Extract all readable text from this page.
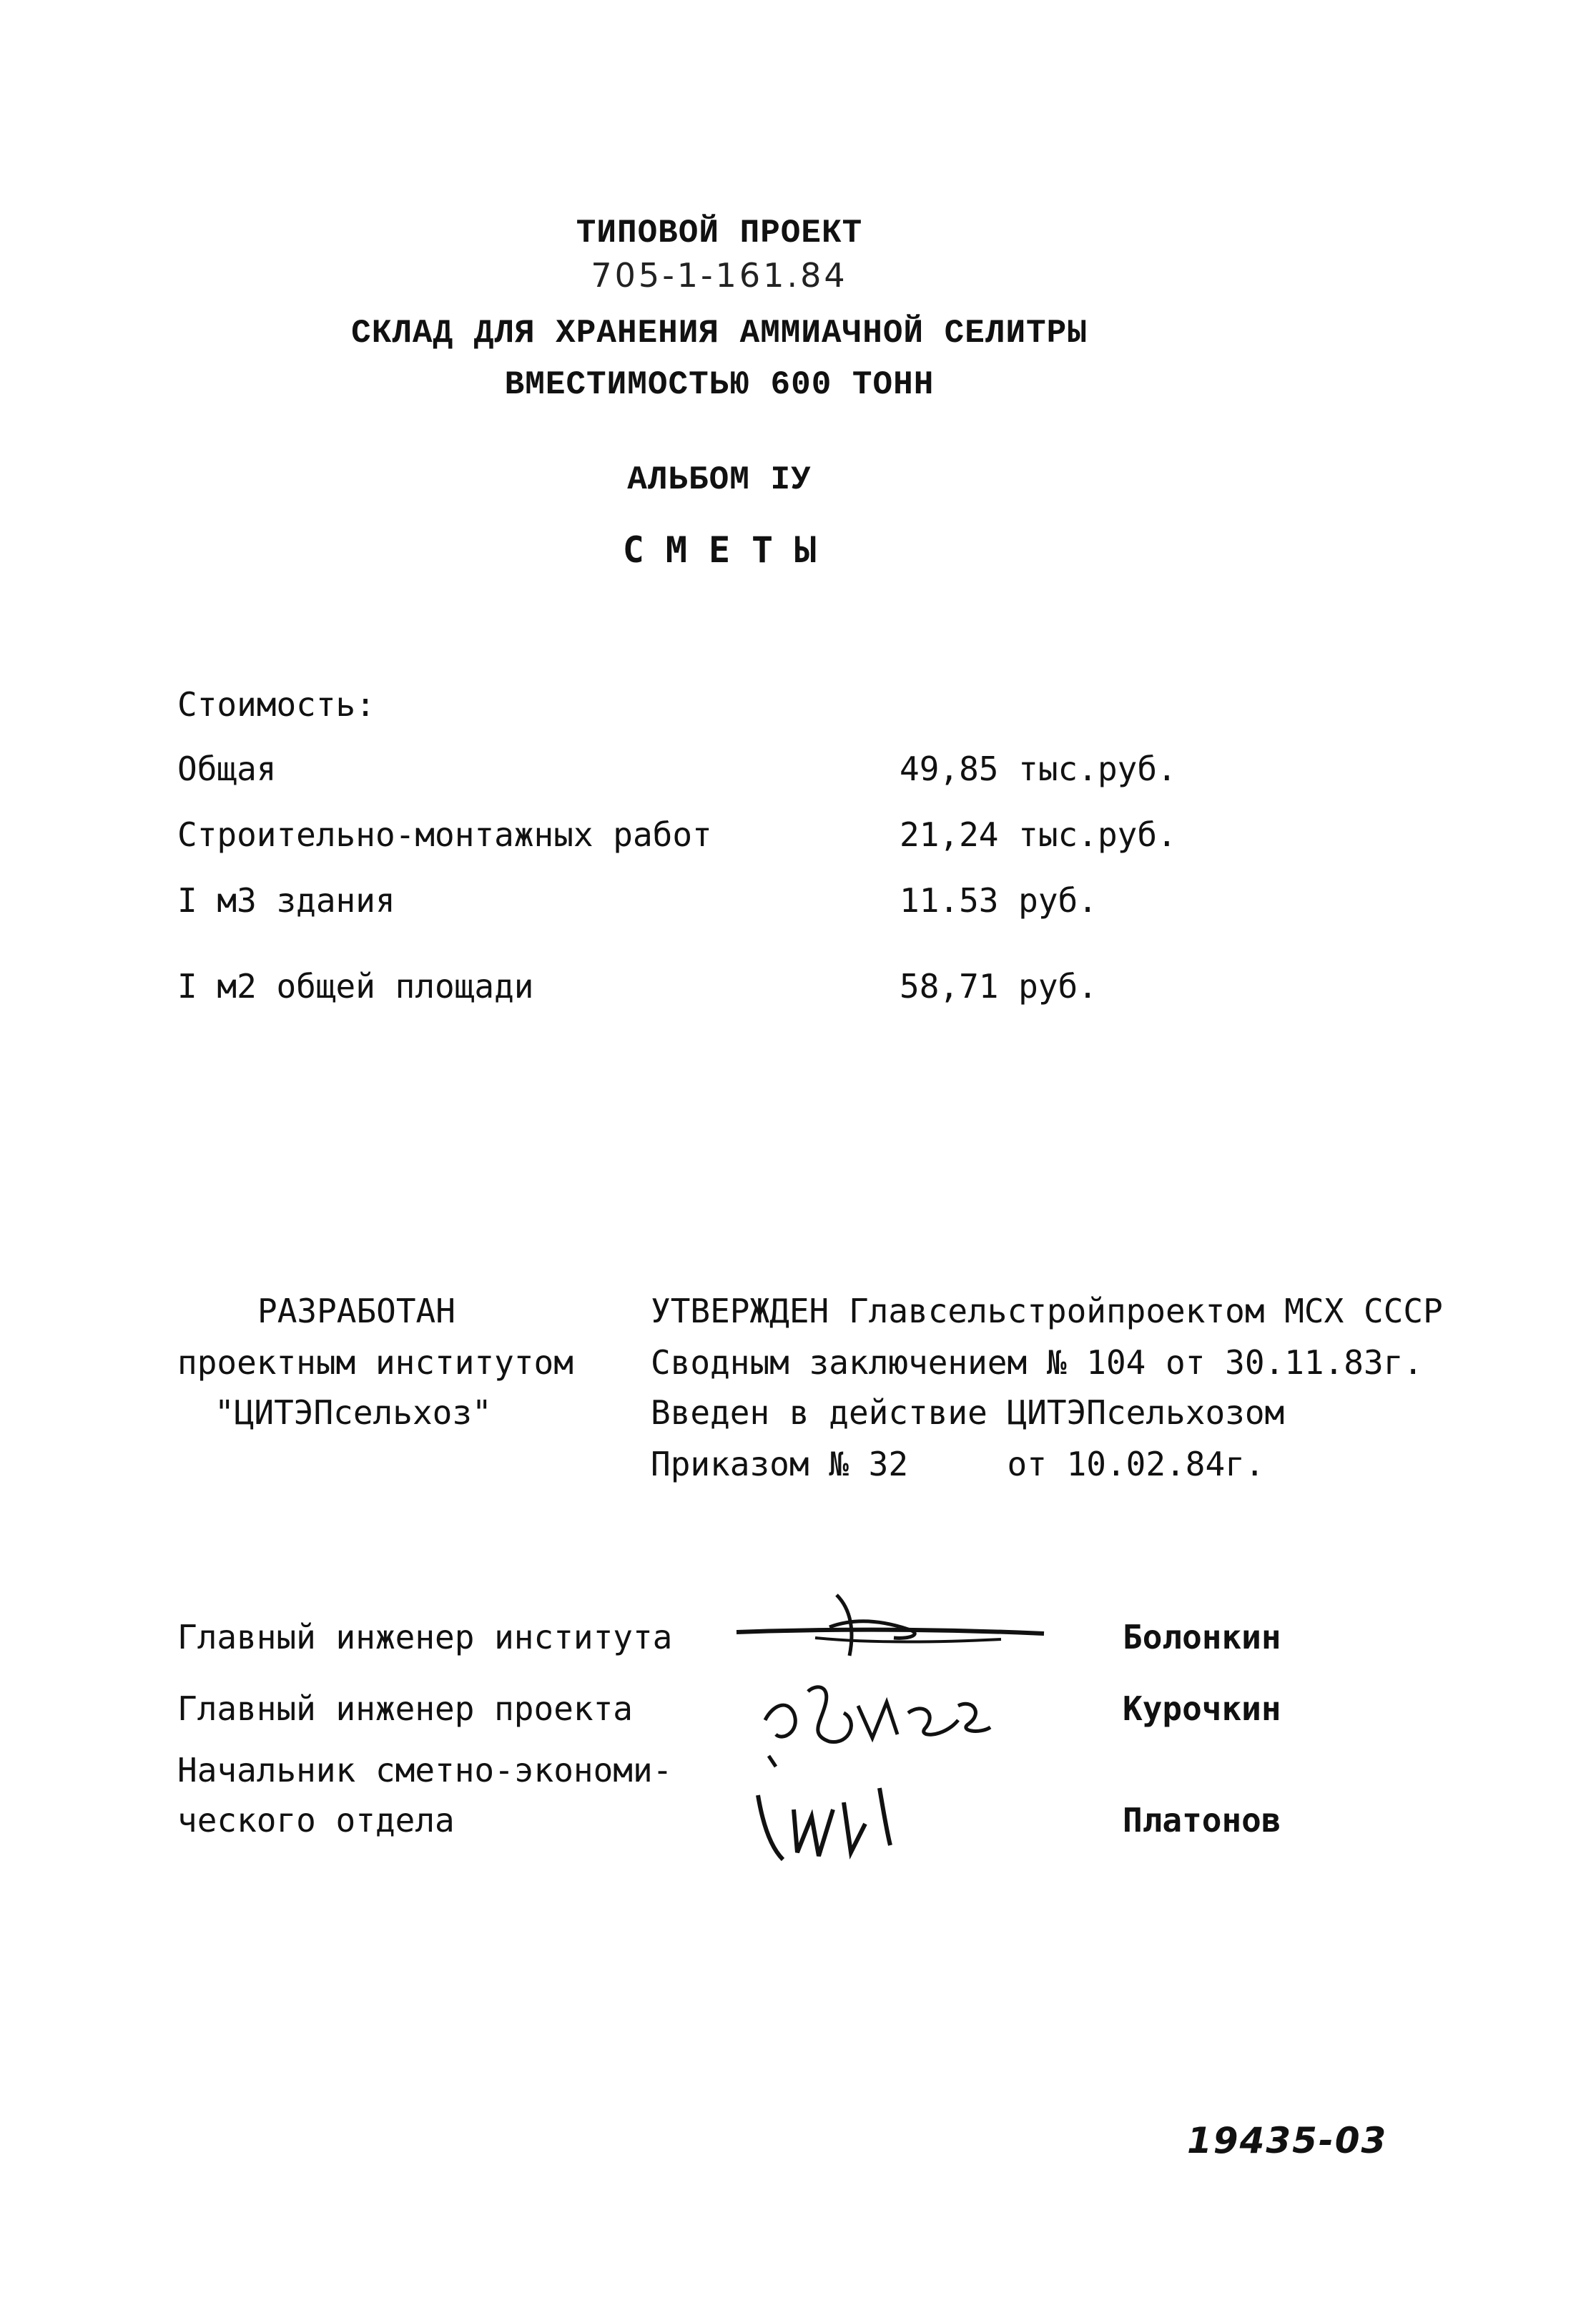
ТИПОВОЙ ПРОЕКТ
705-1-161.84
СКЛАД ДЛЯ ХРАНЕНИЯ АММИАЧНОЙ СЕЛИТРЫ
ВМЕСТИМОСТЬЮ 600 ТОНН
АЛЬБОМ IУ
СМЕТЫ
Стоимость:
Общая	49,85 тыс.руб.
Строительно-монтажных работ	21,24 тыс.руб.
I м3 здания	11.53 руб.
I м2 общей площади	58,71 руб.
РАЗРАБОТАН
проектным институтом
"ЦИТЭПсельхоз"
УТВЕРЖДЕН Главсельстройпроектом МСХ СССР
Сводным заключением № 104 от 30.11.83г.
Введен в действие ЦИТЭПсельхозом
Приказом № 32     от 10.02.84г.
Главный инженер института	Болонкин
Главный инженер проекта	Курочкин
Начальник сметно-экономи-
ческого отдела	Платонов
19435-03
